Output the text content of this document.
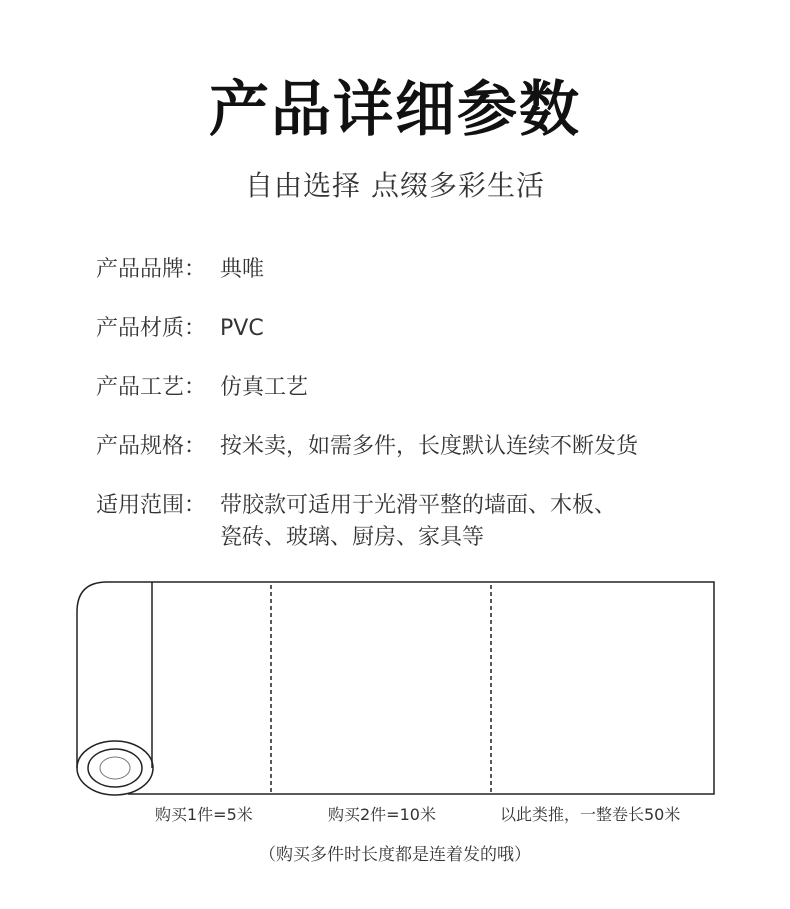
产品详细参数
自由选择 点缀多彩生活
产品品牌： 典唯
产品材质： PVC
产品工艺： 仿真工艺
产品规格： 按米卖，如需多件，长度默认连续不断发货
适用范围： 带胶款可适用于光滑平整的墙面、木板、
瓷砖、玻璃、厨房、家具等
购买1件=5米	购买2件=10米	以此类推，一整卷长50米
（购买多件时长度都是连着发的哦）
